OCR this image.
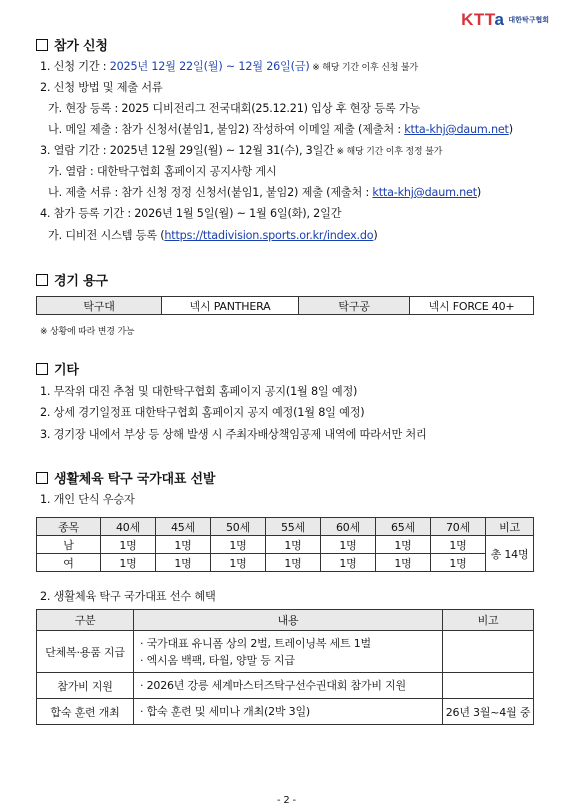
KTTa 대한탁구협회
참가 신청
1. 신청 기간 : 2025년 12월 22일(월) ~ 12월 26일(금) ※ 해당 기간 이후 신청 불가
2. 신청 방법 및 제출 서류
가. 현장 등록 : 2025 디비전리그 전국대회(25.12.21) 입상 후 현장 등록 가능
나. 메일 제출 : 참가 신청서(붙임1, 붙임2) 작성하여 이메일 제출 (제출처 : ktta-khj@daum.net)
3. 열람 기간 : 2025년 12월 29일(월) ~ 12월 31(수), 3일간 ※ 해당 기간 이후 정정 불가
가. 열람 : 대한탁구협회 홈페이지 공지사항 게시
나. 제출 서류 : 참가 신청 정정 신청서(붙임1, 붙임2) 제출 (제출처 : ktta-khj@daum.net)
4. 참가 등록 기간 : 2026년 1월 5일(월) ~ 1월 6일(화), 2일간
가. 디비전 시스템 등록 (https://ttadivision.sports.or.kr/index.do)
경기 용구
탁구대	넥시 PANTHERA	탁구공	넥시 FORCE 40+
※ 상황에 따라 변경 가능
기타
1. 무작위 대진 추첨 및 대한탁구협회 홈페이지 공지(1월 8일 예정)
2. 상세 경기일정표 대한탁구협회 홈페이지 공지 예정(1월 8일 예정)
3. 경기장 내에서 부상 등 상해 발생 시 주최자배상책임공제 내역에 따라서만 처리
생활체육 탁구 국가대표 선발
1. 개인 단식 우승자
종목	40세	45세	50세	55세	60세	65세	70세	비고
남	1명	1명	1명	1명	1명	1명	1명	총 14명
여	1명	1명	1명	1명	1명	1명	1명	
2. 생활체육 탁구 국가대표 선수 혜택
구분	내용	비고
단체복·용품 지급	· 국가대표 유니폼 상의 2벌, 트레이닝복 세트 1벌
· 엑시옴 백팩, 타월, 양말 등 지급	

참가비 지원	· 2026년 강릉 세계마스터즈탁구선수권대회 참가비 지원	

합숙 훈련 개최	· 합숙 훈련 및 세미나 개최(2박 3일)	26년 3월~4월 중
- 2 -
